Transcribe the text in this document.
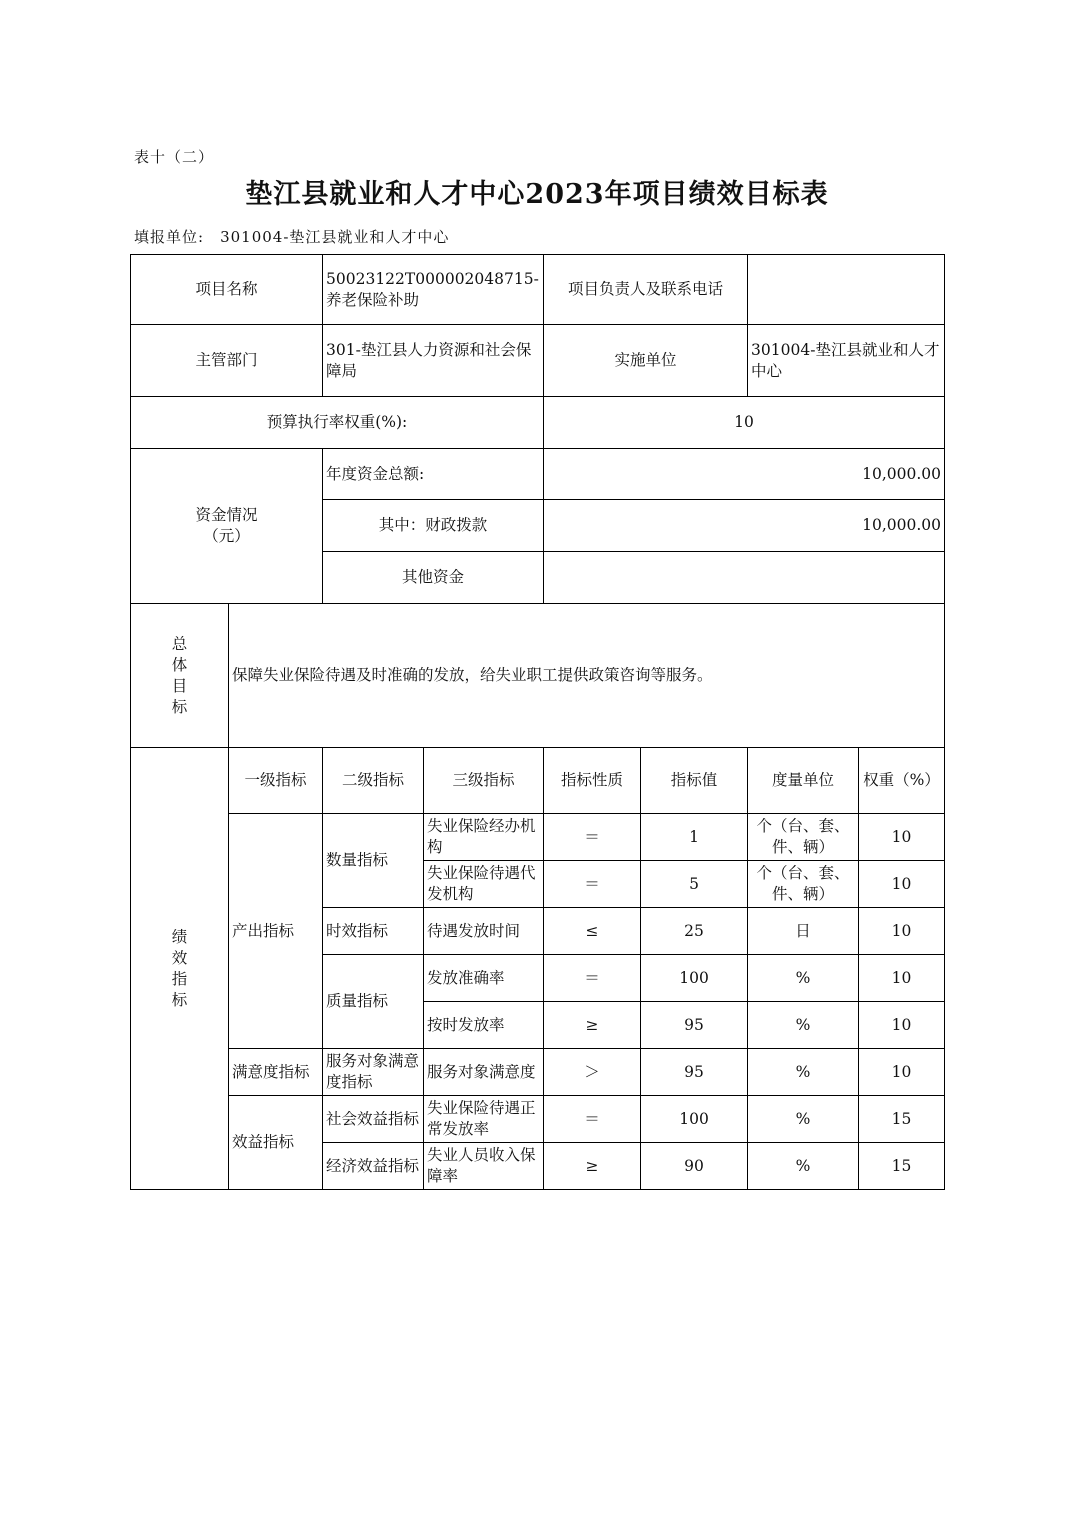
表十（二）
垫江县就业和人才中心2023年项目绩效目标表
填报单位: 301004-垫江县就业和人才中心
项目名称		50023122T000002048715-养老保险补助		项目负责人及联系电话			
主管部门		301-垫江县人力资源和社会保障局		实施单位		301004-垫江县就业和人才中心	
预算执行率权重(%):				10			

资金情况
（元）		年度资金总额:		10,000.00			
		其中：财政拨款		10,000.00			
		其他资金					
总体目标	保障失业保险待遇及时准确的发放，给失业职工提供政策咨询等服务。						
绩效指标	一级指标	二级指标	三级指标	指标性质	指标值	度量单位	权重（%）
	产出指标	数量指标	失业保险经办机构	＝	1	个（台、套、件、辆）	10
			失业保险待遇代发机构	＝	5	个（台、套、件、辆）	10
		时效指标	待遇发放时间	≤	25	日	10
		质量指标	发放准确率	＝	100	%	10
			按时发放率	≥	95	%	10
	满意度指标	服务对象满意度指标	服务对象满意度	＞	95	%	10
	效益指标	社会效益指标	失业保险待遇正常发放率	＝	100	%	15
		经济效益指标	失业人员收入保障率	≥	90	%	15
